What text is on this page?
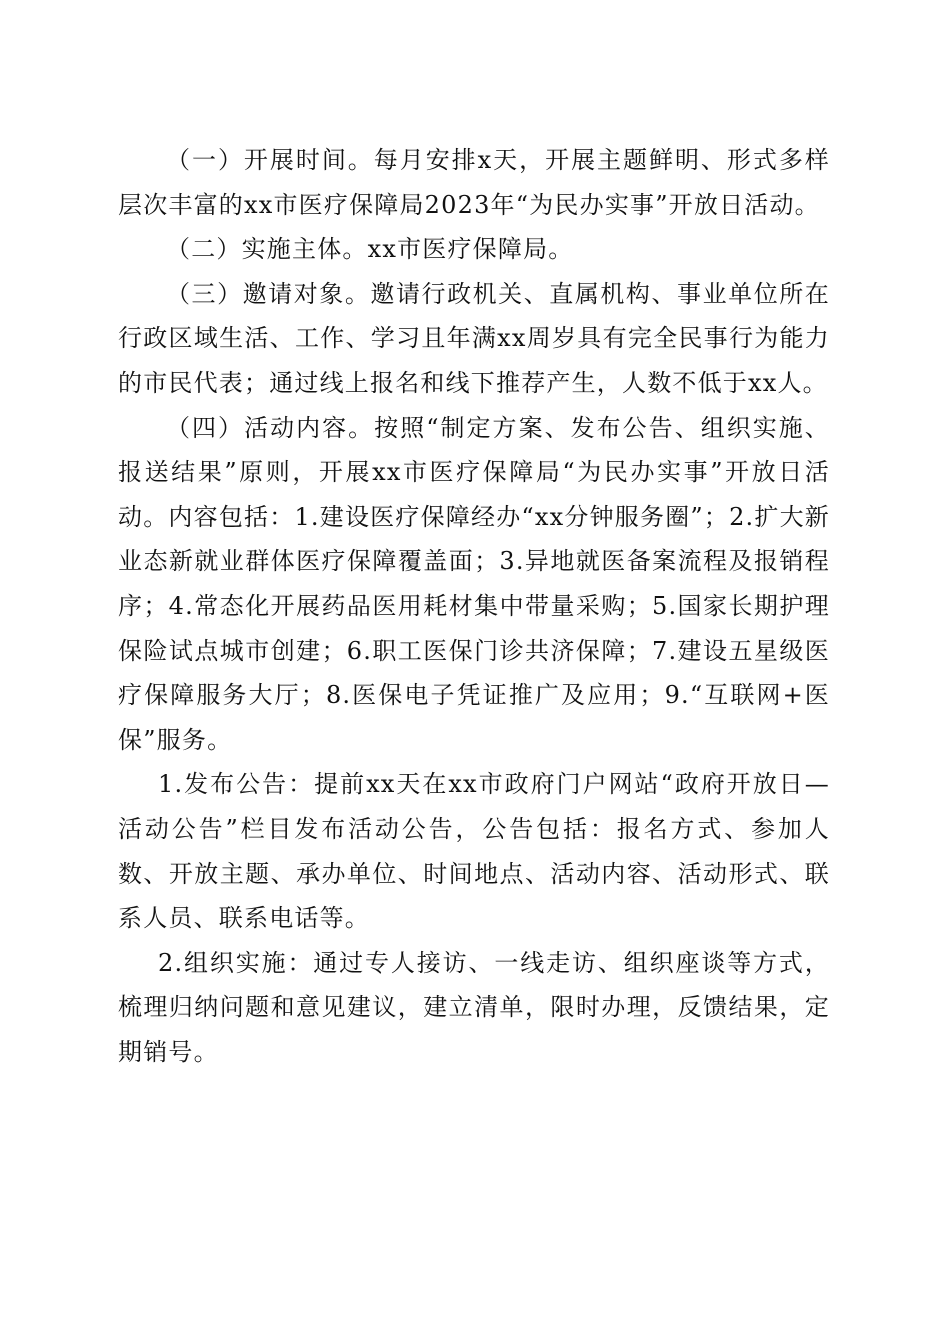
（一）开展时间。每月安排x天，开展主题鲜明、形式多样层次丰富的xx市医疗保障局2023年“为民办实事”开放日活动。

（二）实施主体。xx市医疗保障局。

（三）邀请对象。邀请行政机关、直属机构、事业单位所在行政区域生活、工作、学习且年满xx周岁具有完全民事行为能力的市民代表；通过线上报名和线下推荐产生，人数不低于xx人。

（四）活动内容。按照“制定方案、发布公告、组织实施、报送结果”原则，开展xx市医疗保障局“为民办实事”开放日活动。内容包括：1.建设医疗保障经办“xx分钟服务圈”；2.扩大新业态新就业群体医疗保障覆盖面；3.异地就医备案流程及报销程序；4.常态化开展药品医用耗材集中带量采购；5.国家长期护理保险试点城市创建；6.职工医保门诊共济保障；7.建设五星级医疗保障服务大厅；8.医保电子凭证推广及应用；9.“互联网+医保”服务。

1.发布公告：提前xx天在xx市政府门户网站“政府开放日—活动公告”栏目发布活动公告，公告包括：报名方式、参加人数、开放主题、承办单位、时间地点、活动内容、活动形式、联系人员、联系电话等。

2.组织实施：通过专人接访、一线走访、组织座谈等方式，梳理归纳问题和意见建议，建立清单，限时办理，反馈结果，定期销号。
